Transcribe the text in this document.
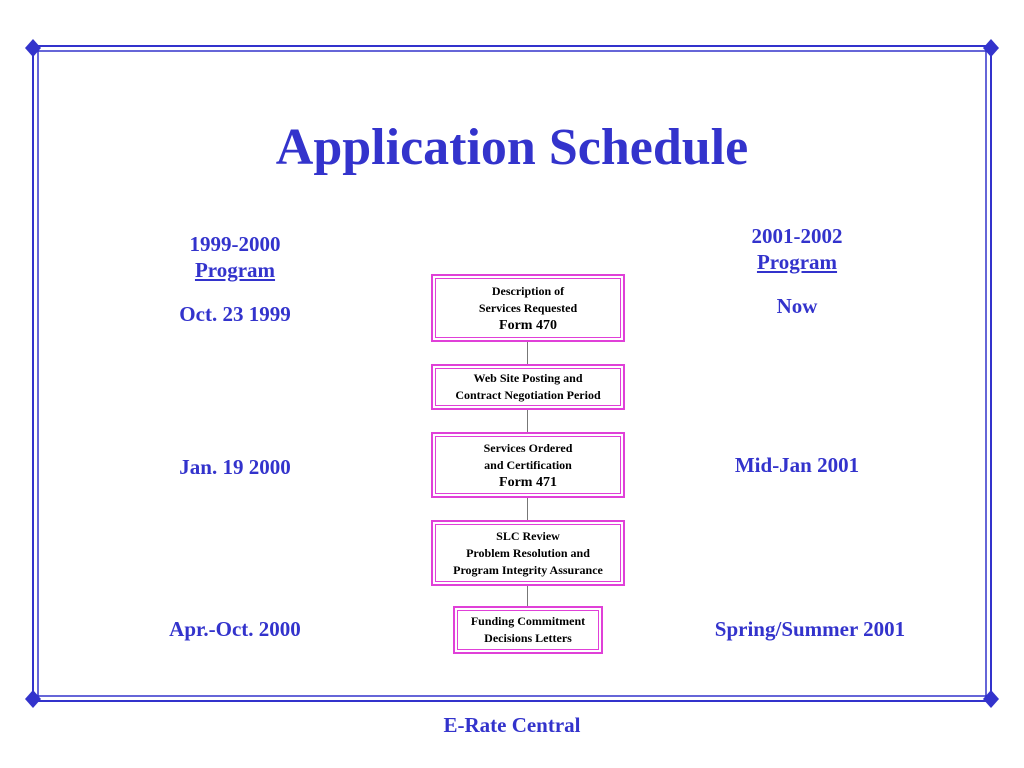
Application Schedule
1999-2000
Program
Oct. 23 1999
Jan. 19 2000
Apr.-Oct. 2000
2001-2002
Program
Now
Mid-Jan 2001
Spring/Summer 2001
Description of
Services Requested
Form 470
Web Site Posting and
Contract Negotiation Period
Services Ordered
and Certification
Form 471
SLC Review
Problem Resolution and
Program Integrity Assurance
Funding Commitment
Decisions Letters
E-Rate Central
